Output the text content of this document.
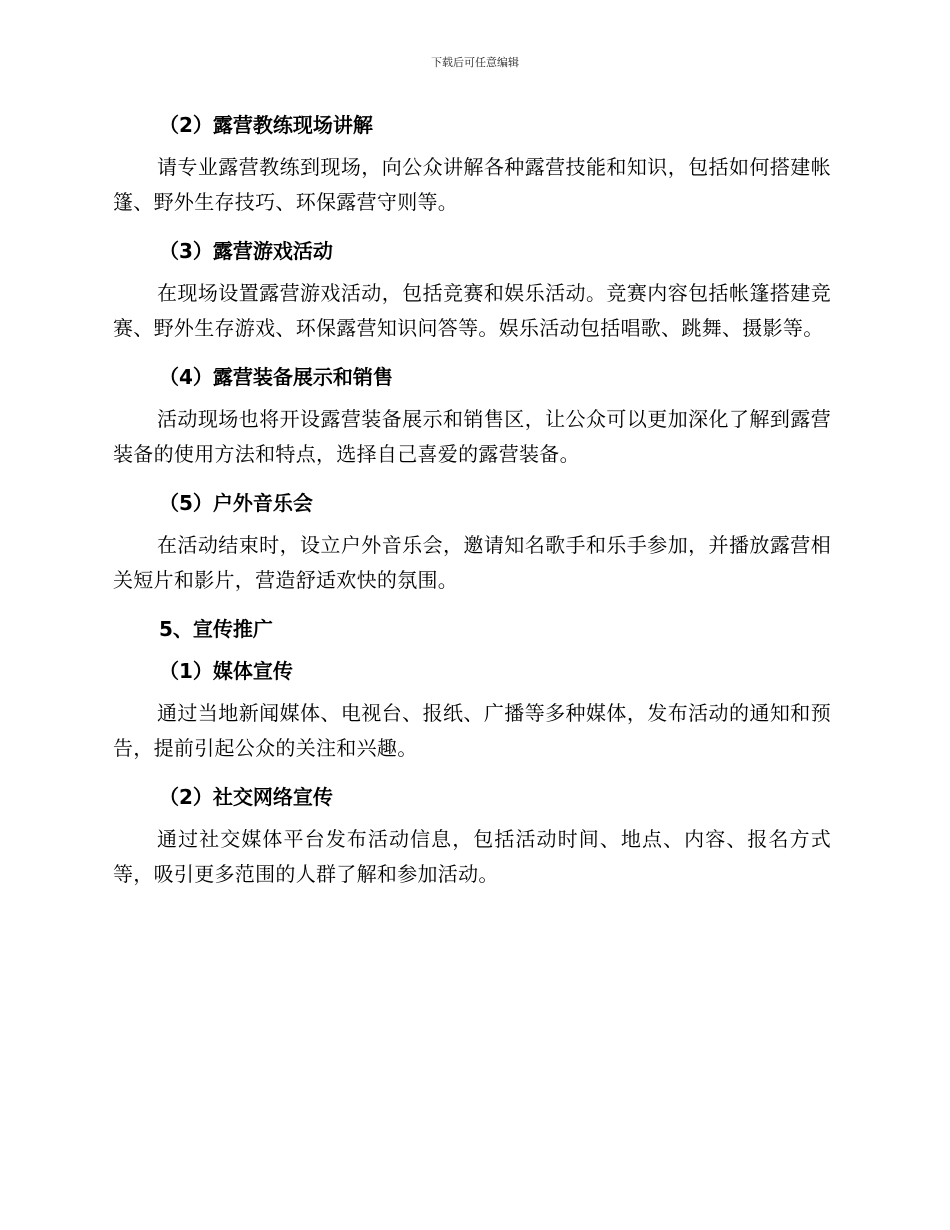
下载后可任意编辑
（2）露营教练现场讲解

请专业露营教练到现场，向公众讲解各种露营技能和知识，包括如何搭建帐篷、野外生存技巧、环保露营守则等。

（3）露营游戏活动

在现场设置露营游戏活动，包括竞赛和娱乐活动。竞赛内容包括帐篷搭建竞赛、野外生存游戏、环保露营知识问答等。娱乐活动包括唱歌、跳舞、摄影等。

（4）露营装备展示和销售

活动现场也将开设露营装备展示和销售区，让公众可以更加深化了解到露营装备的使用方法和特点，选择自己喜爱的露营装备。

（5）户外音乐会

在活动结束时，设立户外音乐会，邀请知名歌手和乐手参加，并播放露营相关短片和影片，营造舒适欢快的氛围。

5、宣传推广
（1）媒体宣传

通过当地新闻媒体、电视台、报纸、广播等多种媒体，发布活动的通知和预告，提前引起公众的关注和兴趣。

（2）社交网络宣传

通过社交媒体平台发布活动信息，包括活动时间、地点、内容、报名方式等，吸引更多范围的人群了解和参加活动。
